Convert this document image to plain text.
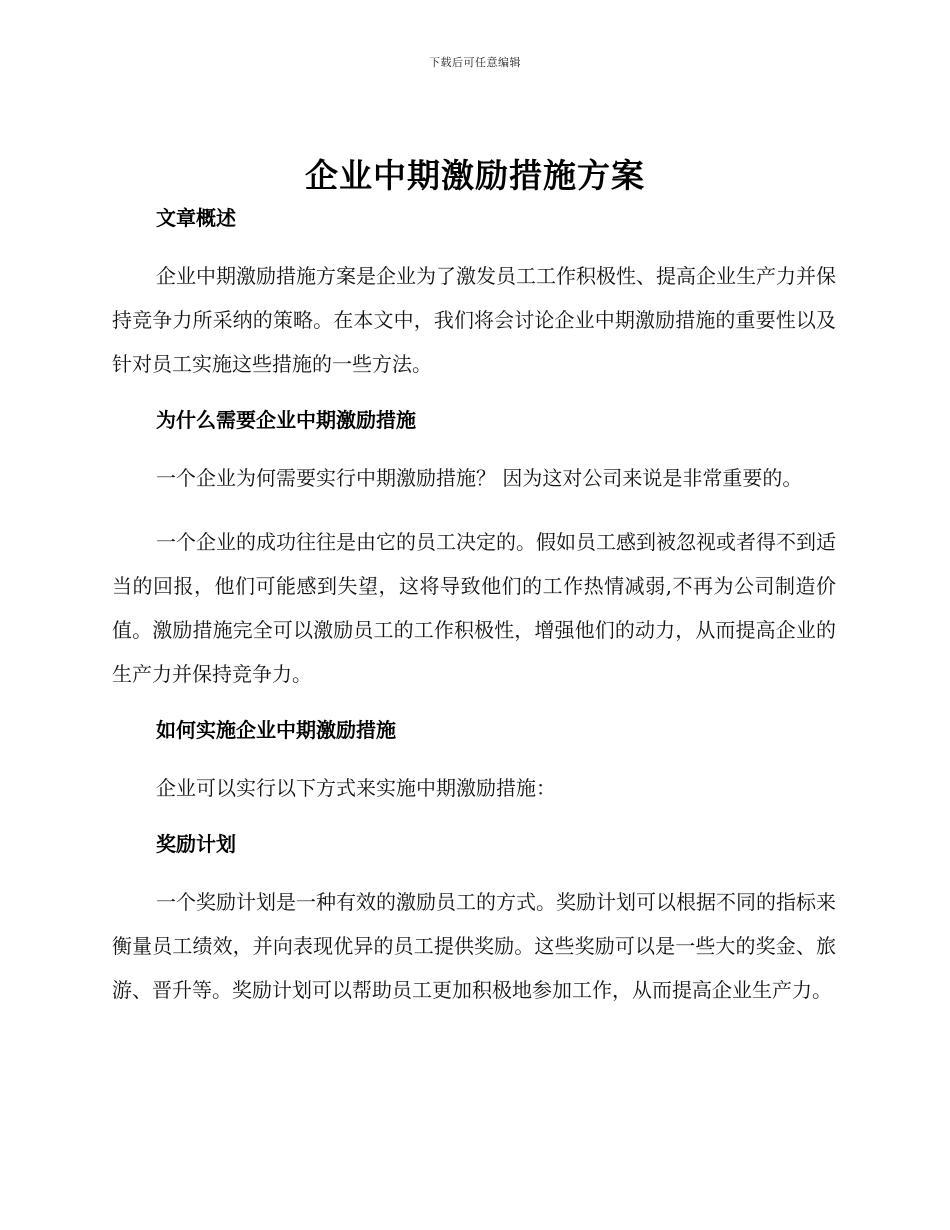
下载后可任意编辑
企业中期激励措施方案
文章概述

企业中期激励措施方案是企业为了激发员工工作积极性、提高企业生产力并保持竞争力所采纳的策略。在本文中，我们将会讨论企业中期激励措施的重要性以及针对员工实施这些措施的一些方法。

为什么需要企业中期激励措施

一个企业为何需要实行中期激励措施？ 因为这对公司来说是非常重要的。

一个企业的成功往往是由它的员工决定的。假如员工感到被忽视或者得不到适当的回报，他们可能感到失望，这将导致他们的工作热情减弱,不再为公司制造价值。激励措施完全可以激励员工的工作积极性，增强他们的动力，从而提高企业的生产力并保持竞争力。

如何实施企业中期激励措施

企业可以实行以下方式来实施中期激励措施：

奖励计划

一个奖励计划是一种有效的激励员工的方式。奖励计划可以根据不同的指标来衡量员工绩效，并向表现优异的员工提供奖励。这些奖励可以是一些大的奖金、旅游、晋升等。奖励计划可以帮助员工更加积极地参加工作，从而提高企业生产力。
